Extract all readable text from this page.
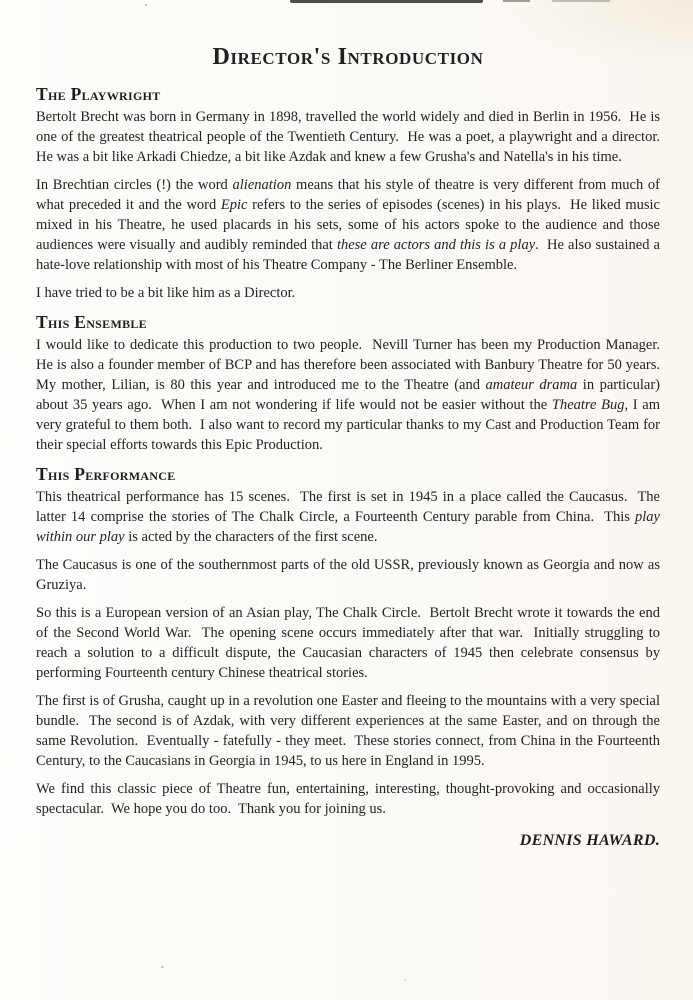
Director's Introduction
The Playwright

Bertolt Brecht was born in Germany in 1898, travelled the world widely and died in Berlin in 1956.  He is one of the greatest theatrical people of the Twentieth Century.  He was a poet, a playwright and a director.  He was a bit like Arkadi Chiedze, a bit like Azdak and knew a few Grusha's and Natella's in his time.

In Brechtian circles (!) the word alienation means that his style of theatre is very different from much of what preceded it and the word Epic refers to the series of episodes (scenes) in his plays.  He liked music mixed in his Theatre, he used placards in his sets, some of his actors spoke to the audience and those audiences were visually and audibly reminded that these are actors and this is a play.  He also sustained a hate-love relationship with most of his Theatre Company - The Berliner Ensemble.

I have tried to be a bit like him as a Director.

This Ensemble

I would like to dedicate this production to two people.  Nevill Turner has been my Production Manager.  He is also a founder member of BCP and has therefore been associated with Banbury Theatre for 50 years.  My mother, Lilian, is 80 this year and introduced me to the Theatre (and amateur drama in particular) about 35 years ago.  When I am not wondering if life would not be easier without the Theatre Bug, I am very grateful to them both.  I also want to record my particular thanks to my Cast and Production Team for their special efforts towards this Epic Production.

This Performance

This theatrical performance has 15 scenes.  The first is set in 1945 in a place called the Caucasus.  The latter 14 comprise the stories of The Chalk Circle, a Fourteenth Century parable from China.  This play within our play is acted by the characters of the first scene.

The Caucasus is one of the southernmost parts of the old USSR, previously known as Georgia and now as Gruziya.

So this is a European version of an Asian play, The Chalk Circle.  Bertolt Brecht wrote it towards the end of the Second World War.  The opening scene occurs immediately after that war.  Initially struggling to reach a solution to a difficult dispute, the Caucasian characters of 1945 then celebrate consensus by performing Fourteenth century Chinese theatrical stories.

The first is of Grusha, caught up in a revolution one Easter and fleeing to the mountains with a very special bundle.  The second is of Azdak, with very different experiences at the same Easter, and on through the same Revolution.  Eventually - fatefully - they meet.  These stories connect, from China in the Fourteenth Century, to the Caucasians in Georgia in 1945, to us here in England in 1995.

We find this classic piece of Theatre fun, entertaining, interesting, thought-provoking and occasionally spectacular.  We hope you do too.  Thank you for joining us.

DENNIS HAWARD.
